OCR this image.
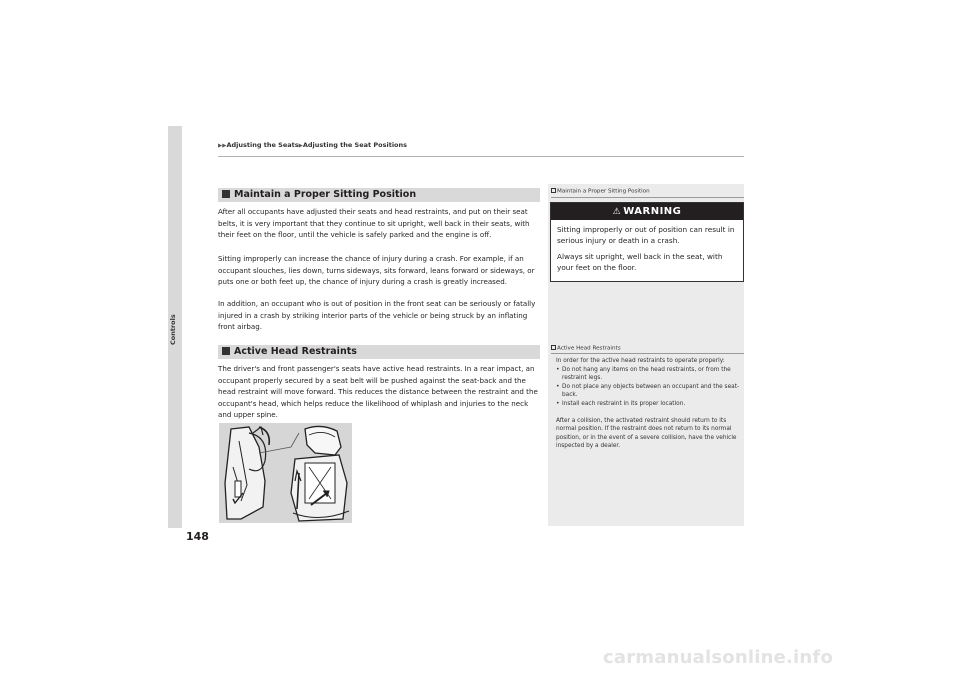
Controls
▶▶Adjusting the Seats▶Adjusting the Seat Positions
Maintain a Proper Sitting Position
After all occupants have adjusted their seats and head restraints, and put on their seat belts, it is very important that they continue to sit upright, well back in their seats, with their feet on the floor, until the vehicle is safely parked and the engine is off.
Sitting improperly can increase the chance of injury during a crash. For example, if an occupant slouches, lies down, turns sideways, sits forward, leans forward or sideways, or puts one or both feet up, the chance of injury during a crash is greatly increased.
In addition, an occupant who is out of position in the front seat can be seriously or fatally injured in a crash by striking interior parts of the vehicle or being struck by an inflating front airbag.
Active Head Restraints
The driver's and front passenger's seats have active head restraints. In a rear impact, an occupant properly secured by a seat belt will be pushed against the seat-back and the head restraint will move forward. This reduces the distance between the restraint and the occupant's head, which helps reduce the likelihood of whiplash and injuries to the neck and upper spine.
Maintain a Proper Sitting Position
⚠ WARNING

Sitting improperly or out of position can result in serious injury or death in a crash.

Always sit upright, well back in the seat, with your feet on the floor.

Active Head Restraints

In order for the active head restraints to operate properly:

• Do not hang any items on the head restraints, or from the restraint legs.
• Do not place any objects between an occupant and the seat-back.
• Install each restraint in its proper location.

After a collision, the activated restraint should return to its normal position. If the restraint does not return to its normal position, or in the event of a severe collision, have the vehicle inspected by a dealer.

148
carmanualsonline.info
